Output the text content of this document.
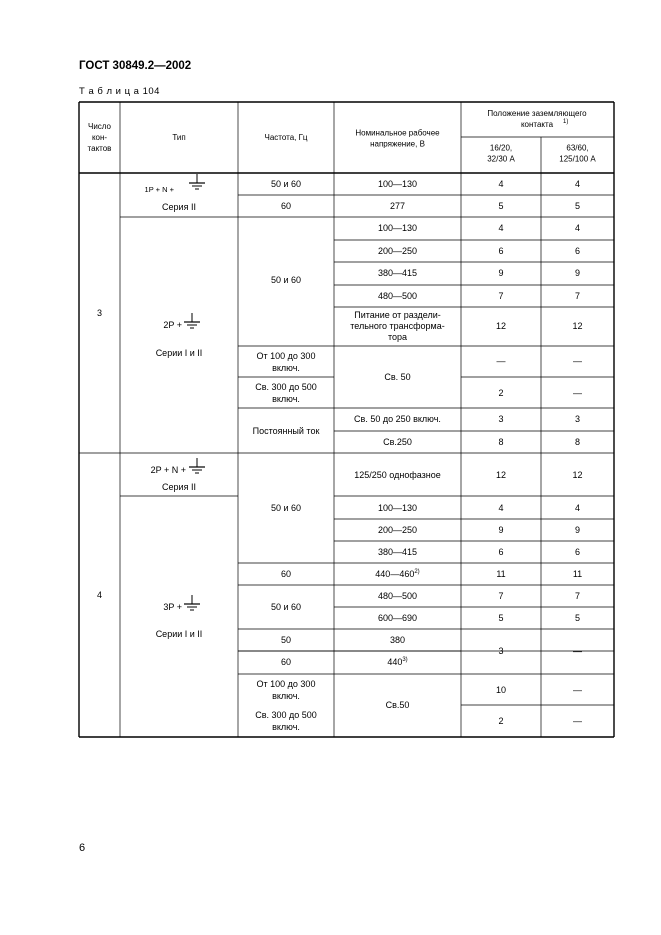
ГОСТ 30849.2—2002
Т а б л и ц а 104
Число
кон-
тактов
Тип	Частота, Гц
Номинальное рабочее
напряжение, В
Положение заземляющего
контакта 1)
16/20,
32/30 А
63/60,
125/100 А
3
1P + N +
Серия II
2P +
Серии I и II
50 и 60
60
50 и 60
От 100 до 300
включ.
Св. 300 до 500
включ.
Постоянный ток
100—130
277
100—130
200—250
380—415
480—500
Питание от раздели-
тельного трансформа-
тора
Св. 50
Св. 50 до 250 включ.
Св.250
4
5
4
6
9
7
12
—
2
3
8
4
5
4
6
9
7
12
—
—
3
8
4
2P + N +
Серия II
3P +
Серии I и II
50 и 60
60
50 и 60
50
60
От 100 до 300
включ.
Св. 300 до 500
включ.
125/250 однофазное
100—130
200—250
380—415
440—460$^{2)}$
480—500
600—690
380
440$^{3)}$
Св.50
12
4
9
6
11
7
5
3
10
2
12
4
9
6
11
7
5
—
—
—
6
